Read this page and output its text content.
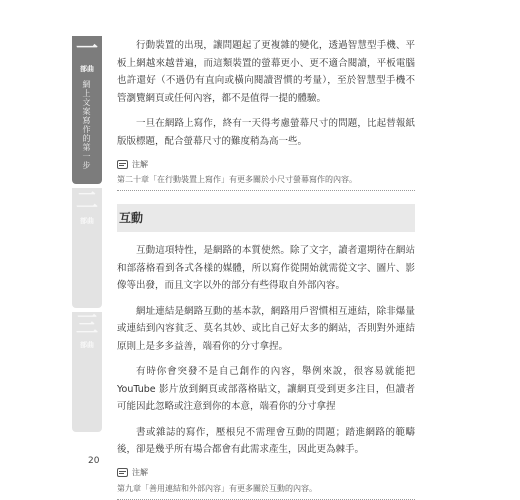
一
部曲
網上文案寫作的第一步
二
部曲
三
部曲

行動裝置的出現，讓問題起了更複雜的變化，透過智慧型手機、平板上網越來越普遍，而這類裝置的螢幕更小、更不適合閱讀，平板電腦也許還好（不過仍有直向或橫向閱讀習慣的考量），至於智慧型手機不管瀏覽網頁或任何內容，都不是值得一提的體驗。

一旦在網路上寫作，終有一天得考慮螢幕尺寸的問題，比起替報紙版版標題，配合螢幕尺寸的難度稍為高一些。

注解
第二十章「在行動裝置上寫作」有更多關於小尺寸螢幕寫作的內容。
互動

互動這項特性，是網路的本質使然。除了文字，讀者還期待在網站和部落格看到各式各樣的媒體，所以寫作從開始就需從文字、圖片、影像等出發，而且文字以外的部分有些得取自外部內容。

網址連結是網路互動的基本款，網路用戶習慣相互連結，除非爆量或連結到內容貧乏、莫名其妙、或比自己好太多的網站，否則對外連結原則上是多多益善，端看你的分寸拿捏。

有時你會突發不是自己創作的內容，舉例來說，很容易就能把 YouTube 影片放到網頁或部落格貼文，讓網頁受到更多注目，但讀者可能因此忽略或注意到你的本意，端看你的分寸拿捏

書或雜誌的寫作，壓根兒不需理會互動的問題；踏進網路的範疇後，卻是幾乎所有場合都會有此需求產生，因此更為棘手。

注解
第九章「善用連結和外部內容」有更多關於互動的內容。
20
